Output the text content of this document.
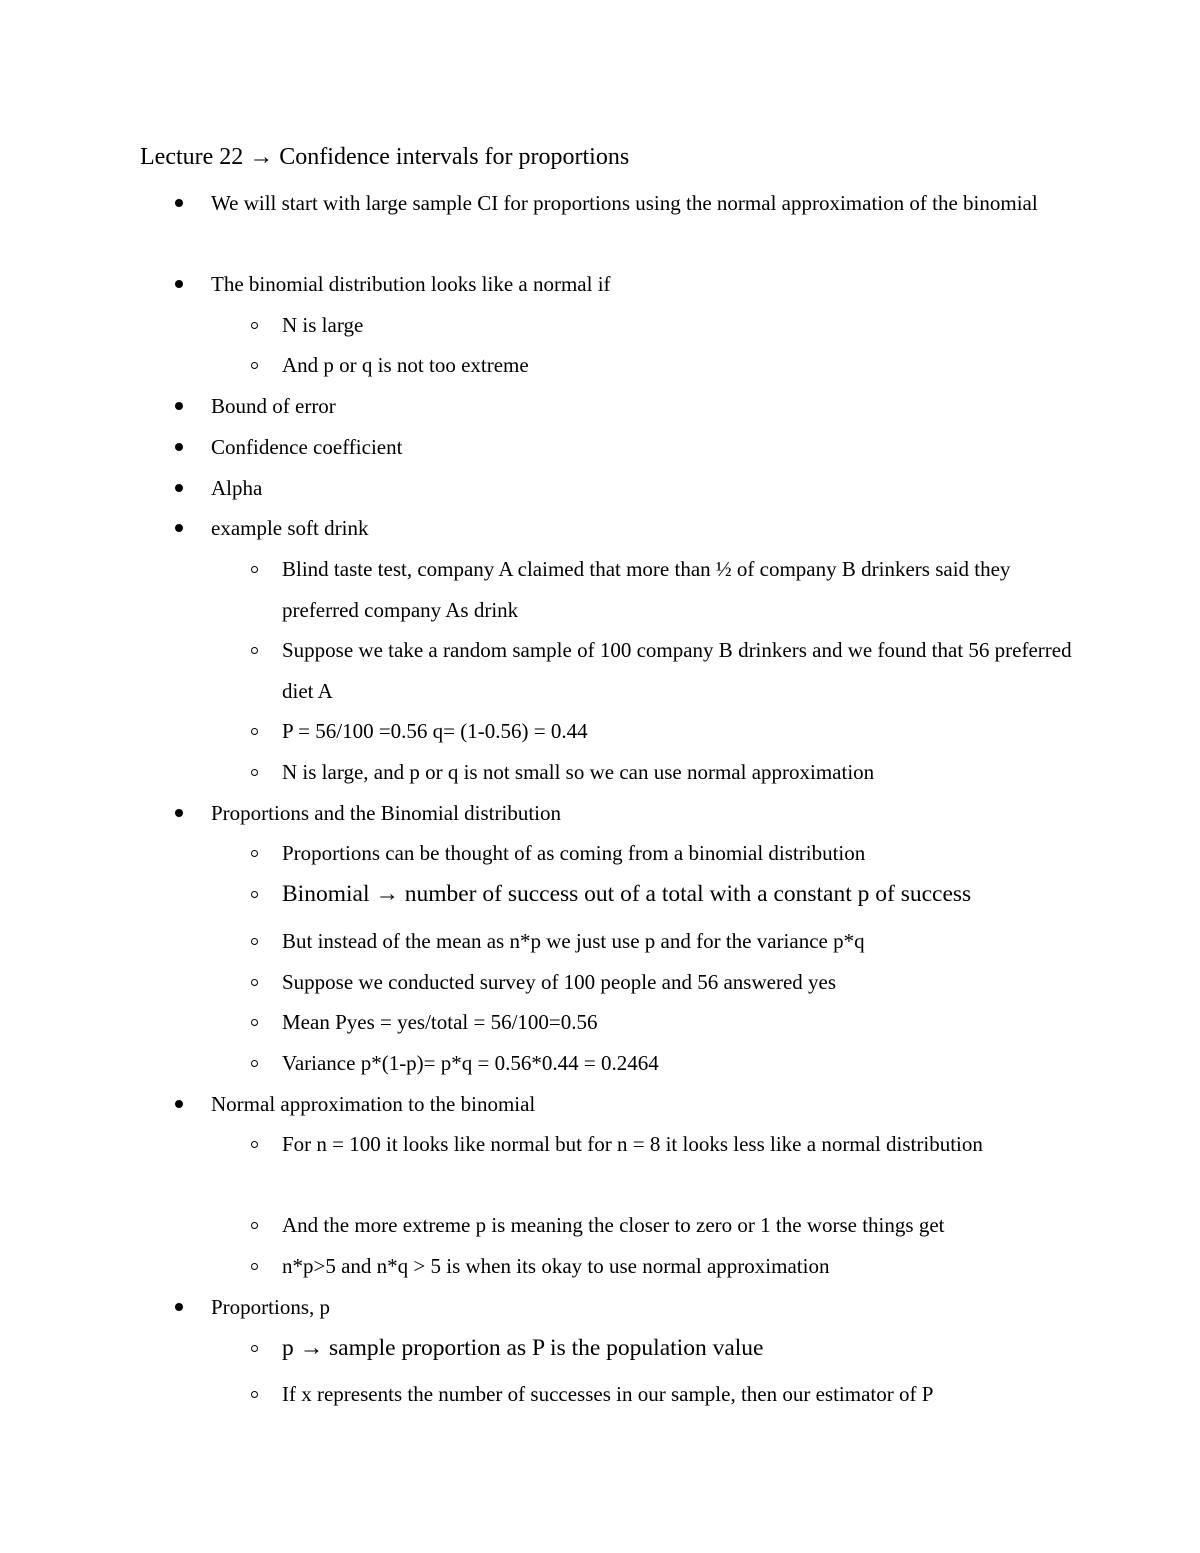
Lecture 22 → Confidence intervals for proportions
We will start with large sample CI for proportions using the normal approximation of the binomial
The binomial distribution looks like a normal if
N is large
And p or q is not too extreme
Bound of error
Confidence coefficient
Alpha
example soft drink
Blind taste test, company A claimed that more than ½ of company B drinkers said they preferred company As drink
Suppose we take a random sample of 100 company B drinkers and we found that 56 preferred diet A
P = 56/100 =0.56 q= (1-0.56) = 0.44
N is large, and p or q is not small so we can use normal approximation
Proportions and the Binomial distribution
Proportions can be thought of as coming from a binomial distribution
Binomial → number of success out of a total with a constant p of success
But instead of the mean as n*p we just use p and for the variance p*q
Suppose we conducted survey of 100 people and 56 answered yes
Mean Pyes = yes/total = 56/100=0.56
Variance p*(1-p)= p*q = 0.56*0.44 = 0.2464
Normal approximation to the binomial
For n = 100 it looks like normal but for n = 8 it looks less like a normal distribution
And the more extreme p is meaning the closer to zero or 1 the worse things get
n*p>5 and n*q > 5 is when its okay to use normal approximation
Proportions, p
p → sample proportion as P is the population value
If x represents the number of successes in our sample, then our estimator of P
